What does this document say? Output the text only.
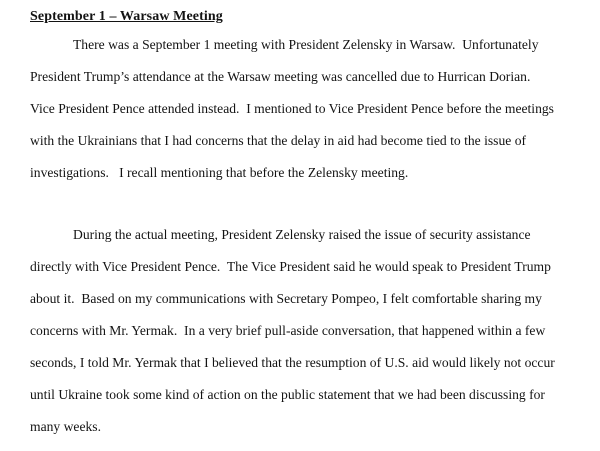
September 1 – Warsaw Meeting
There was a September 1 meeting with President Zelensky in Warsaw.  Unfortunately
President Trump’s attendance at the Warsaw meeting was cancelled due to Hurrican Dorian.
Vice President Pence attended instead.  I mentioned to Vice President Pence before the meetings
with the Ukrainians that I had concerns that the delay in aid had become tied to the issue of
investigations.   I recall mentioning that before the Zelensky meeting.
During the actual meeting, President Zelensky raised the issue of security assistance
directly with Vice President Pence.  The Vice President said he would speak to President Trump
about it.  Based on my communications with Secretary Pompeo, I felt comfortable sharing my
concerns with Mr. Yermak.  In a very brief pull-aside conversation, that happened within a few
seconds, I told Mr. Yermak that I believed that the resumption of U.S. aid would likely not occur
until Ukraine took some kind of action on the public statement that we had been discussing for
many weeks.
